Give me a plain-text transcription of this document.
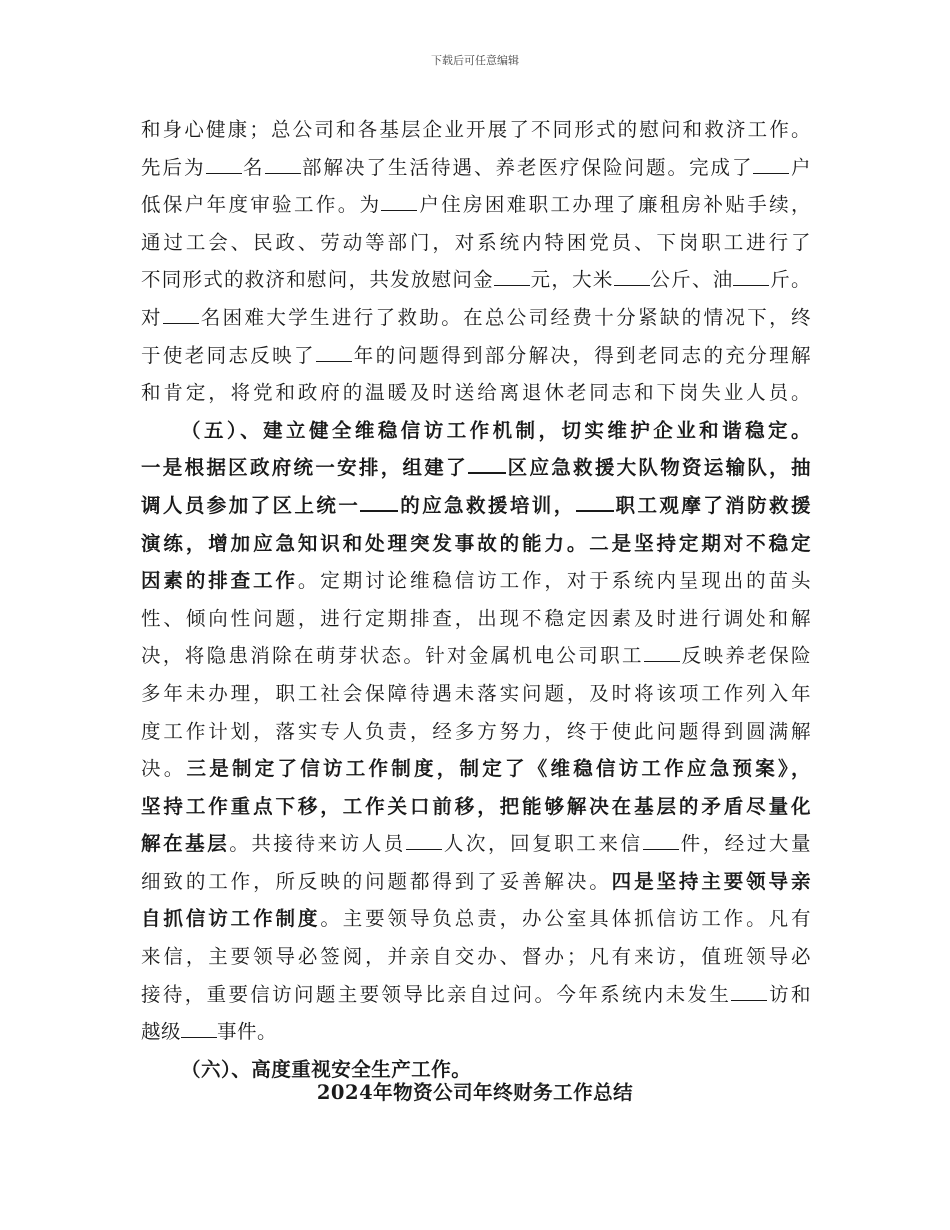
下载后可任意编辑
和身心健康；总公司和各基层企业开展了不同形式的慰问和救济工作。
先后为 名 部解决了生活待遇、养老医疗保险问题。完成了 户
低保户年度审验工作。为 户住房困难职工办理了廉租房补贴手续，
通过工会、民政、劳动等部门，对系统内特困党员、下岗职工进行了
不同形式的救济和慰问，共发放慰问金 元，大米 公斤、油 斤。
对 名困难大学生进行了救助。在总公司经费十分紧缺的情况下，终
于使老同志反映了 年的问题得到部分解决，得到老同志的充分理解
和肯定，将党和政府的温暖及时送给离退休老同志和下岗失业人员。
（五）、建立健全维稳信访工作机制，切实维护企业和谐稳定。
一是根据区政府统一安排，组建了 区应急救援大队物资运输队，抽
调人员参加了区上统一 的应急救援培训， 职工观摩了消防救援
演练，增加应急知识和处理突发事故的能力。二是坚持定期对不稳定
因素的排查工作。定期讨论维稳信访工作，对于系统内呈现出的苗头
性、倾向性问题，进行定期排查，出现不稳定因素及时进行调处和解
决，将隐患消除在萌芽状态。针对金属机电公司职工 反映养老保险
多年未办理，职工社会保障待遇未落实问题，及时将该项工作列入年
度工作计划，落实专人负责，经多方努力，终于使此问题得到圆满解
决。三是制定了信访工作制度，制定了《维稳信访工作应急预案》，
坚持工作重点下移，工作关口前移，把能够解决在基层的矛盾尽量化
解在基层。共接待来访人员 人次，回复职工来信 件，经过大量
细致的工作，所反映的问题都得到了妥善解决。四是坚持主要领导亲
自抓信访工作制度。主要领导负总责，办公室具体抓信访工作。凡有
来信，主要领导必签阅，并亲自交办、督办；凡有来访，值班领导必
接待，重要信访问题主要领导比亲自过问。今年系统内未发生 访和
越级 事件。
（六）、高度重视安全生产工作。
2024年物资公司年终财务工作总结
